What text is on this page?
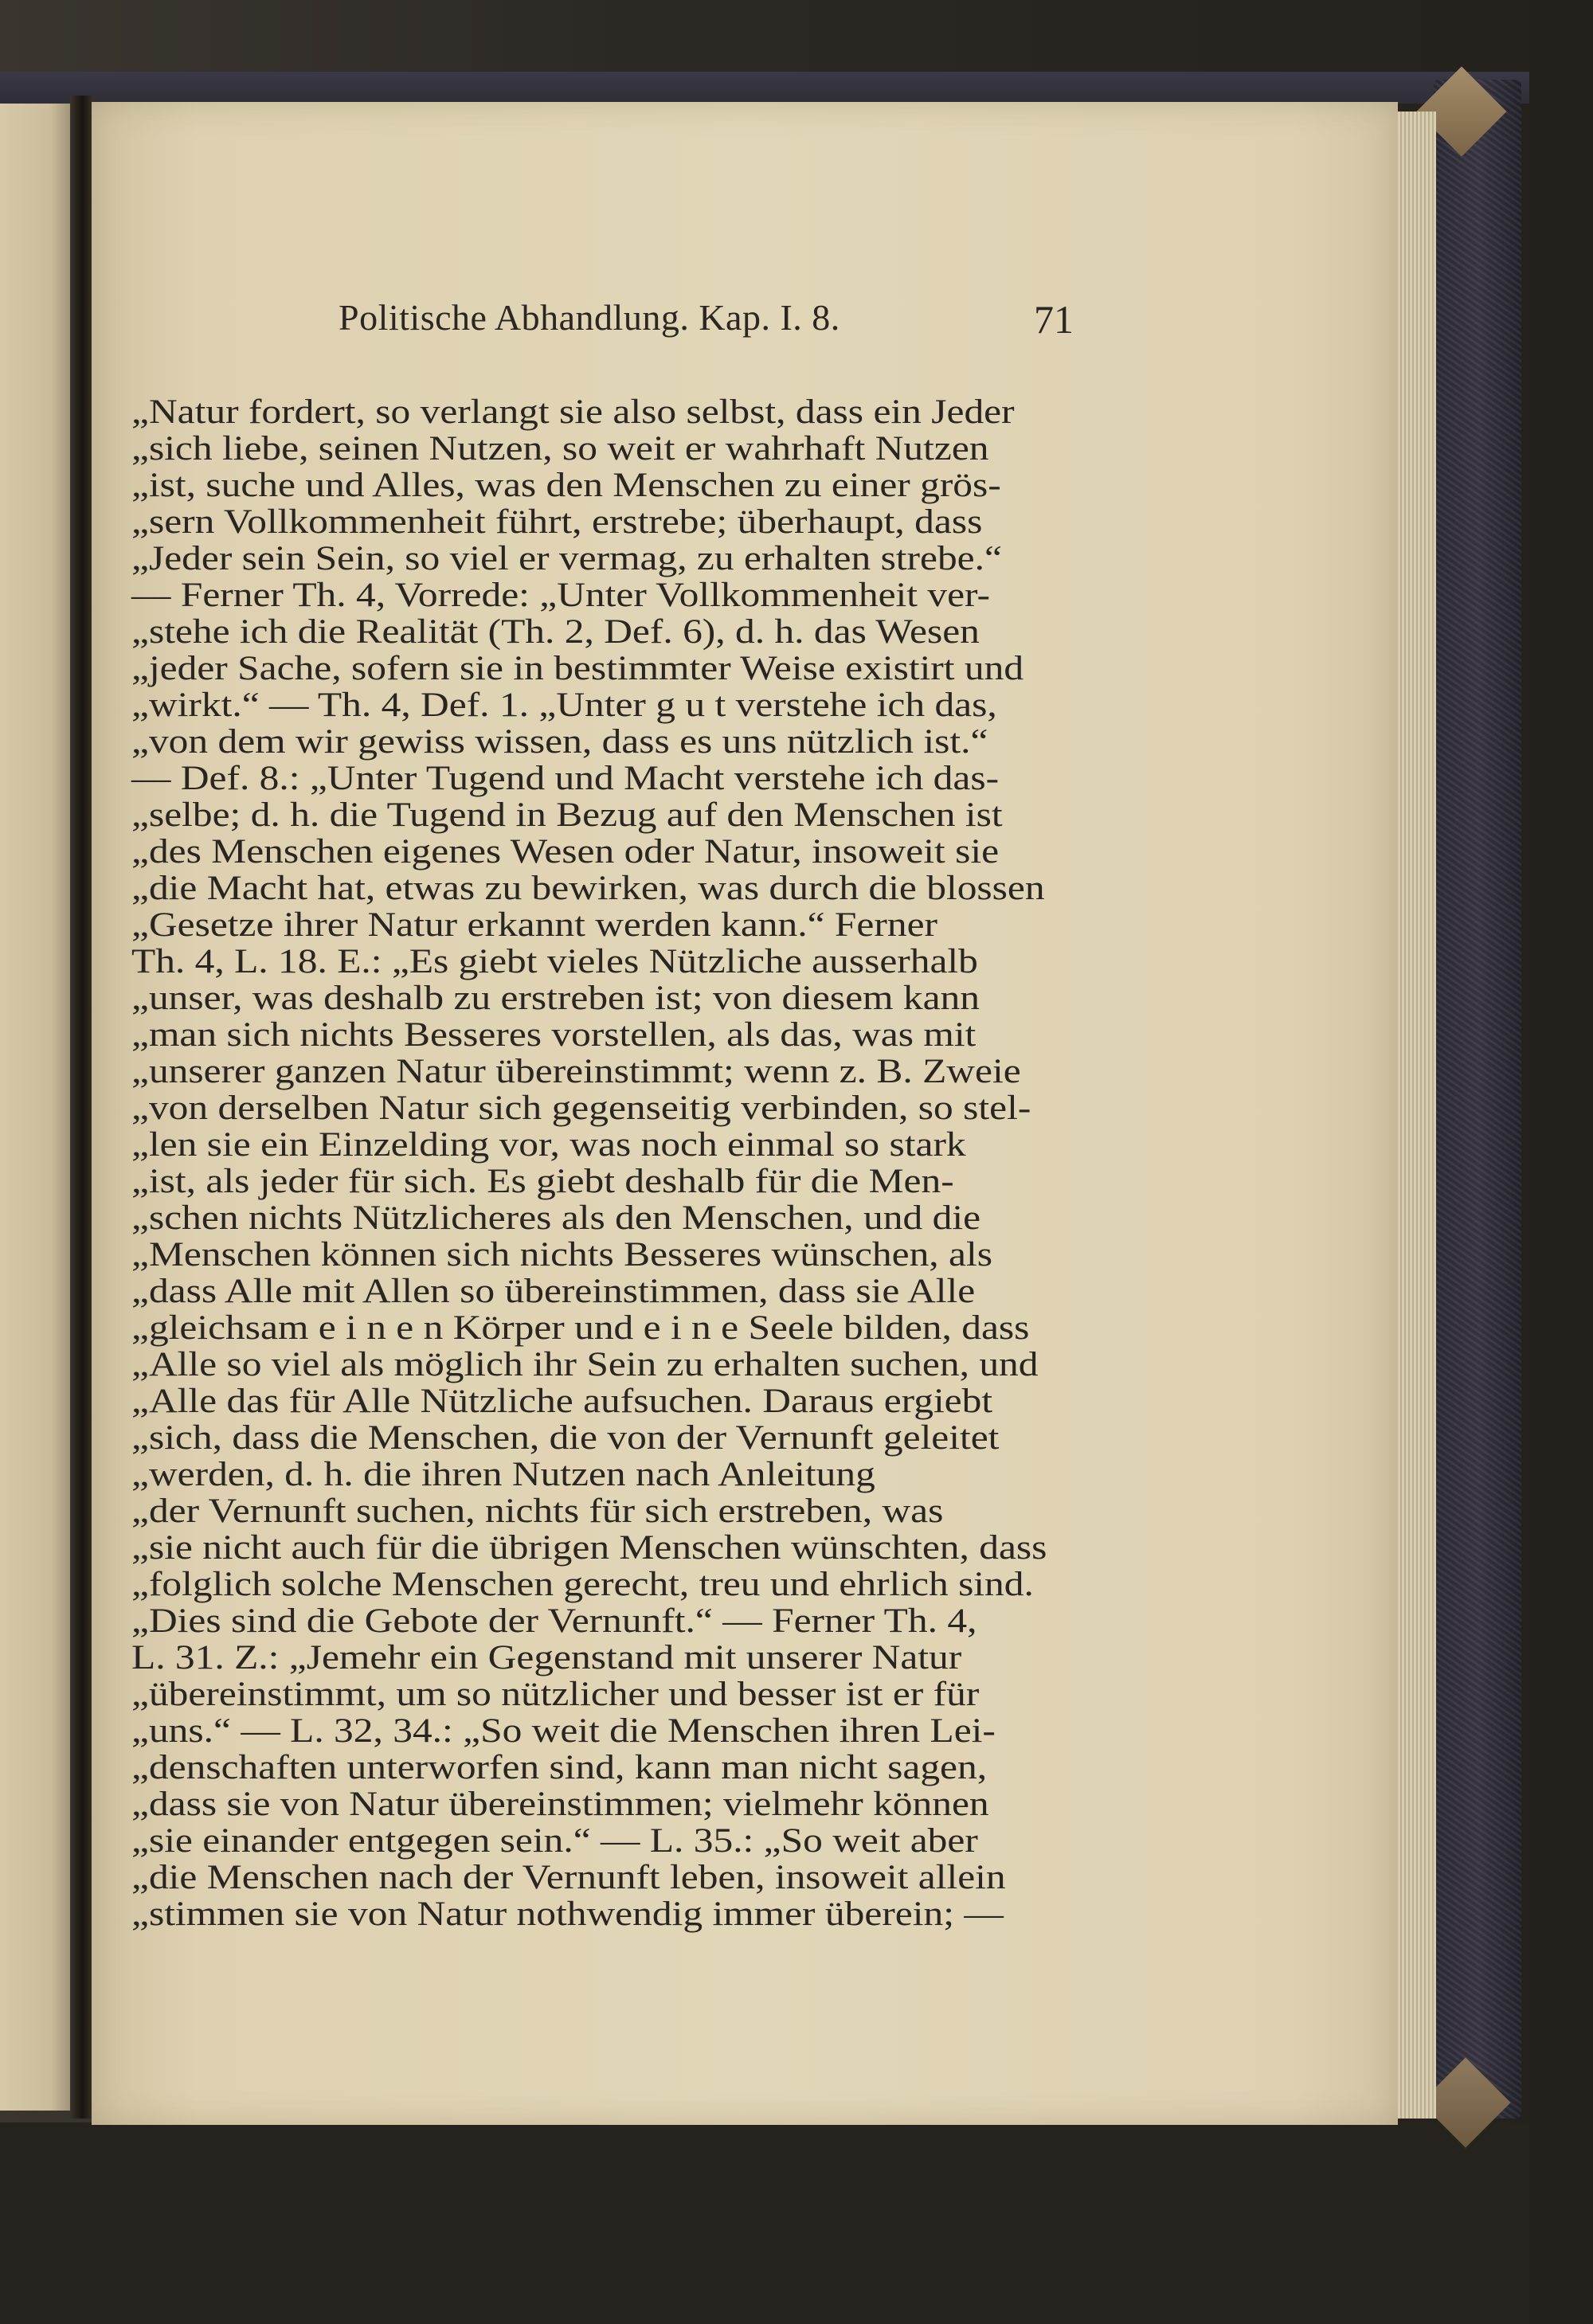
Politische Abhandlung. Kap. I. 8.	71
„Natur fordert, so verlangt sie also selbst, dass ein Jeder
„sich liebe, seinen Nutzen, so weit er wahrhaft Nutzen
„ist, suche und Alles, was den Menschen zu einer grös-
„sern Vollkommenheit führt, erstrebe; überhaupt, dass
„Jeder sein Sein, so viel er vermag, zu erhalten strebe.“
— Ferner Th. 4, Vorrede: „Unter Vollkommenheit ver-
„stehe ich die Realität (Th. 2, Def. 6), d. h. das Wesen
„jeder Sache, sofern sie in bestimmter Weise existirt und
„wirkt.“ — Th. 4, Def. 1. „Unter g u t verstehe ich das,
„von dem wir gewiss wissen, dass es uns nützlich ist.“
— Def. 8.: „Unter Tugend und Macht verstehe ich das-
„selbe; d. h. die Tugend in Bezug auf den Menschen ist
„des Menschen eigenes Wesen oder Natur, insoweit sie
„die Macht hat, etwas zu bewirken, was durch die blossen
„Gesetze ihrer Natur erkannt werden kann.“ Ferner
Th. 4, L. 18. E.: „Es giebt vieles Nützliche ausserhalb
„unser, was deshalb zu erstreben ist; von diesem kann
„man sich nichts Besseres vorstellen, als das, was mit
„unserer ganzen Natur übereinstimmt; wenn z. B. Zweie
„von derselben Natur sich gegenseitig verbinden, so stel-
„len sie ein Einzelding vor, was noch einmal so stark
„ist, als jeder für sich. Es giebt deshalb für die Men-
„schen nichts Nützlicheres als den Menschen, und die
„Menschen können sich nichts Besseres wünschen, als
„dass Alle mit Allen so übereinstimmen, dass sie Alle
„gleichsam e i n e n Körper und e i n e Seele bilden, dass
„Alle so viel als möglich ihr Sein zu erhalten suchen, und
„Alle das für Alle Nützliche aufsuchen. Daraus ergiebt
„sich, dass die Menschen, die von der Vernunft geleitet
„werden, d. h. die ihren Nutzen nach Anleitung
„der Vernunft suchen, nichts für sich erstreben, was
„sie nicht auch für die übrigen Menschen wünschten, dass
„folglich solche Menschen gerecht, treu und ehrlich sind.
„Dies sind die Gebote der Vernunft.“ — Ferner Th. 4,
L. 31. Z.: „Jemehr ein Gegenstand mit unserer Natur
„übereinstimmt, um so nützlicher und besser ist er für
„uns.“ — L. 32, 34.: „So weit die Menschen ihren Lei-
„denschaften unterworfen sind, kann man nicht sagen,
„dass sie von Natur übereinstimmen; vielmehr können
„sie einander entgegen sein.“ — L. 35.: „So weit aber
„die Menschen nach der Vernunft leben, insoweit allein
„stimmen sie von Natur nothwendig immer überein; —
